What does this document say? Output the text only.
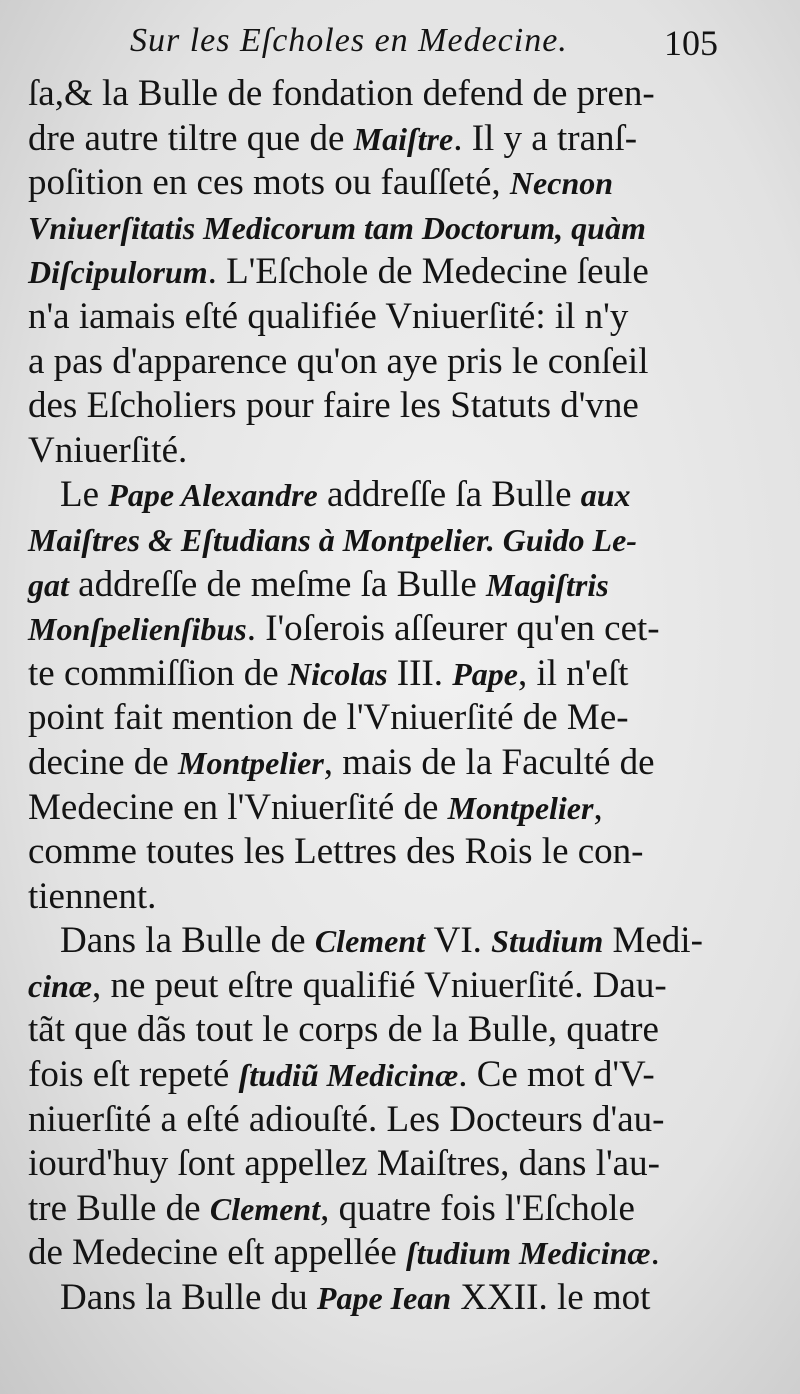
Sur les Eſcholes en Medecine.	105
ſa,& la Bulle de fondation defend de pren-
dre autre tiltre que de Maiſtre. Il y a tranſ-
poſition en ces mots ou fauſſeté, Necnon
Vniuerſitatis Medicorum tam Doctorum, quàm
Diſcipulorum. L'Eſchole de Medecine ſeule
n'a iamais eſté qualifiée Vniuerſité: il n'y
a pas d'apparence qu'on aye pris le conſeil
des Eſcholiers pour faire les Statuts d'vne
Vniuerſité.
Le Pape Alexandre addreſſe ſa Bulle aux
Maiſtres & Eſtudians à Montpelier. Guido Le-
gat addreſſe de meſme ſa Bulle Magiſtris
Monſpelienſibus. I'oſerois aſſeurer qu'en cet-
te commiſſion de Nicolas III. Pape, il n'eſt
point fait mention de l'Vniuerſité de Me-
decine de Montpelier, mais de la Faculté de
Medecine en l'Vniuerſité de Montpelier,
comme toutes les Lettres des Rois le con-
tiennent.
Dans la Bulle de Clement VI. Studium Medi-
cinæ, ne peut eſtre qualifié Vniuerſité. Dau-
tãt que dãs tout le corps de la Bulle, quatre
fois eſt repeté ſtudiũ Medicinæ. Ce mot d'V-
niuerſité a eſté adiouſté. Les Docteurs d'au-
iourd'huy ſont appellez Maiſtres, dans l'au-
tre Bulle de Clement, quatre fois l'Eſchole
de Medecine eſt appellée ſtudium Medicinæ.
Dans la Bulle du Pape Iean XXII. le mot
